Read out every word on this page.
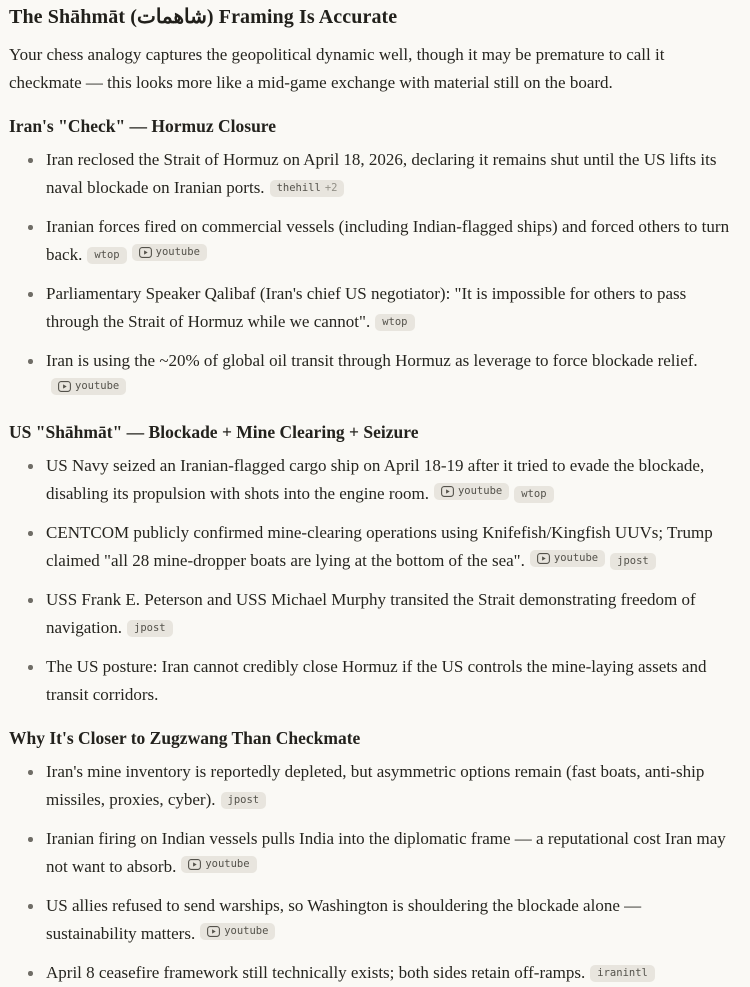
The Shāhmāt (شاهمات) Framing Is Accurate

Your chess analogy captures the geopolitical dynamic well, though it may be premature to call it checkmate — this looks more like a mid-game exchange with material still on the board.

Iran's "Check" — Hormuz Closure
Iran reclosed the Strait of Hormuz on April 18, 2026, declaring it remains shut until the US lifts its naval blockade on Iranian ports. thehill +2
Iranian forces fired on commercial vessels (including Indian-flagged ships) and forced others to turn back. wtop	youtube
Parliamentary Speaker Qalibaf (Iran's chief US negotiator): "It is impossible for others to pass through the Strait of Hormuz while we cannot". wtop
Iran is using the ~20% of global oil transit through Hormuz as leverage to force blockade relief.
youtube
US "Shāhmāt" — Blockade + Mine Clearing + Seizure
US Navy seized an Iranian-flagged cargo ship on April 18-19 after it tried to evade the blockade, disabling its propulsion with shots into the engine room.	youtube wtop
CENTCOM publicly confirmed mine-clearing operations using Knifefish/Kingfish UUVs; Trump claimed "all 28 mine-dropper boats are lying at the bottom of the sea".	youtube jpost
USS Frank E. Peterson and USS Michael Murphy transited the Strait demonstrating freedom of navigation. jpost
The US posture: Iran cannot credibly close Hormuz if the US controls the mine-laying assets and transit corridors.
Why It's Closer to Zugzwang Than Checkmate
Iran's mine inventory is reportedly depleted, but asymmetric options remain (fast boats, anti-ship missiles, proxies, cyber). jpost
Iranian firing on Indian vessels pulls India into the diplomatic frame — a reputational cost Iran may not want to absorb.	youtube
US allies refused to send warships, so Washington is shouldering the blockade alone — sustainability matters.	youtube
April 8 ceasefire framework still technically exists; both sides retain off-ramps. iranintl
